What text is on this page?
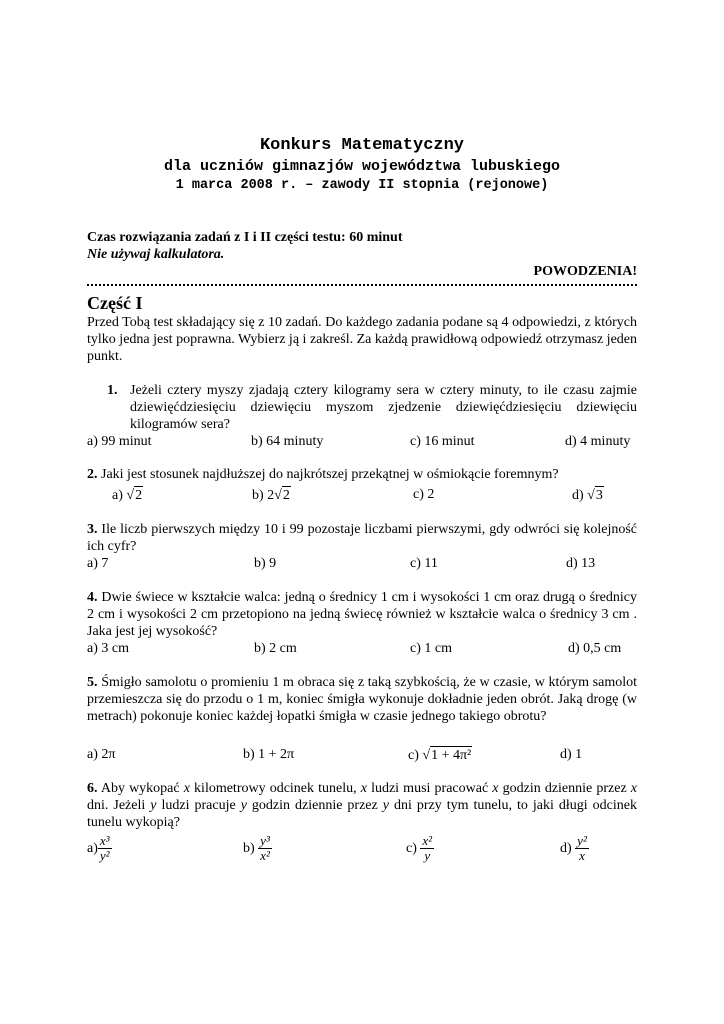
Konkurs Matematyczny
dla uczniów gimnazjów województwa lubuskiego
1 marca 2008 r. – zawody II stopnia (rejonowe)
Czas rozwiązania zadań z I i II części testu: 60 minut
Nie używaj kalkulatora.
POWODZENIA!
Część I
Przed Tobą test składający się z 10 zadań. Do każdego zadania podane są 4 odpowiedzi, z których tylko jedna jest poprawna. Wybierz ją i zakreśl. Za każdą prawidłową odpowiedź otrzymasz jeden punkt.
1. Jeżeli cztery myszy zjadają cztery kilogramy sera w cztery minuty, to ile czasu zajmie dziewięćdziesięciu dziewięciu myszom zjedzenie dziewięćdziesięciu dziewięciu kilogramów sera?
a) 99 minut	b) 64 minuty	c) 16 minut	d) 4 minuty
2. Jaki jest stosunek najdłuższej do najkrótszej przekątnej w ośmiokącie foremnym?
a) √2	b) 2√2	c) 2	d) √3
3. Ile liczb pierwszych między 10 i 99 pozostaje liczbami pierwszymi, gdy odwróci się kolejność ich cyfr?
a) 7	b) 9	c) 11	d) 13
4. Dwie świece w kształcie walca: jedną o średnicy 1 cm i wysokości 1 cm oraz drugą o średnicy 2 cm i wysokości 2 cm przetopiono na jedną świecę również w kształcie walca o średnicy 3 cm . Jaka jest jej wysokość?
a) 3 cm	b) 2 cm	c) 1 cm	d) 0,5 cm
5. Śmigło samolotu o promieniu 1 m obraca się z taką szybkością, że w czasie, w którym samolot przemieszcza się do przodu o 1 m, koniec śmigła wykonuje dokładnie jeden obrót. Jaką drogę (w metrach) pokonuje koniec każdej łopatki śmigła w czasie jednego takiego obrotu?
a) 2π	b) 1 + 2π	c) √1 + 4π²	d) 1
6. Aby wykopać x kilometrowy odcinek tunelu, x ludzi musi pracować x godzin dziennie przez x dni. Jeżeli y ludzi pracuje y godzin dziennie przez y dni przy tym tunelu, to jaki długi odcinek tunelu wykopią?
$a) \frac{\text{x³}}{\text{y²}}$	$b) \frac{\text{y³}}{\text{x²}}$	$c) \frac{\text{x²}}{y}$	$d) \frac{\text{y²}}{x}$
